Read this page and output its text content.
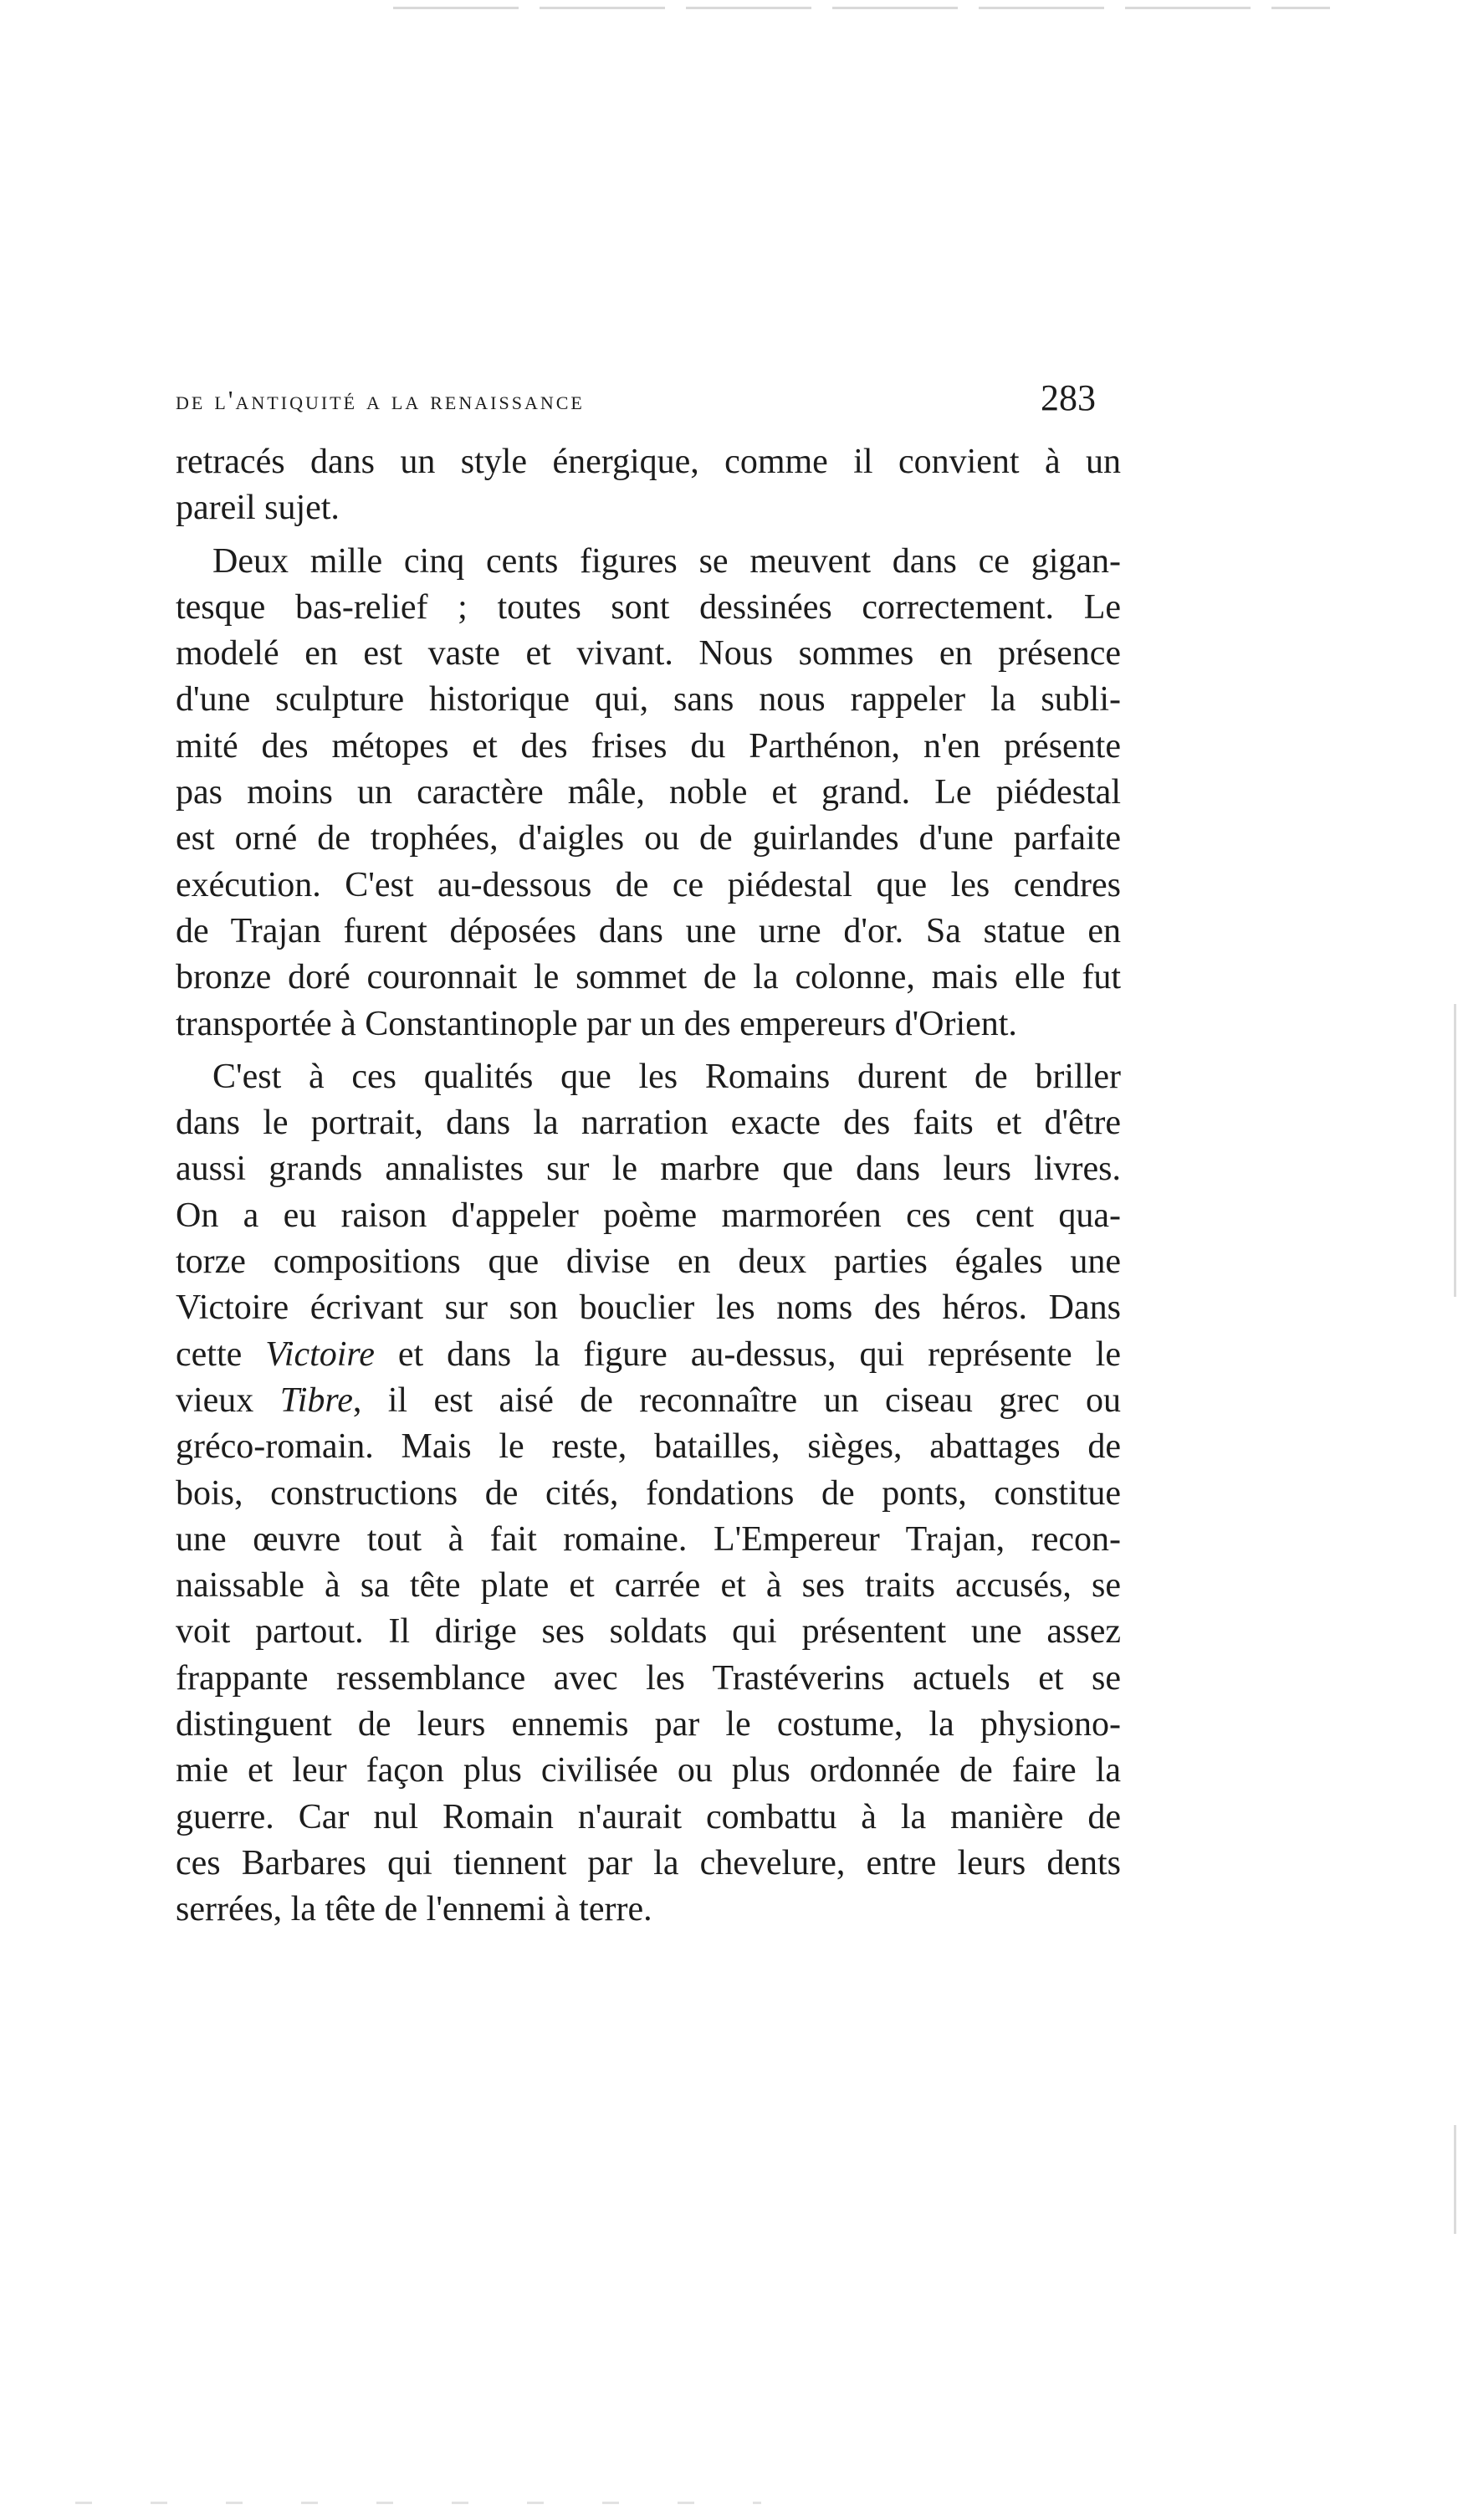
de l'antiquité a la renaissance	283
retracés dans un style énergique, comme il convient à un
pareil sujet.
Deux mille cinq cents figures se meuvent dans ce gigan-
tesque bas-relief ; toutes sont dessinées correctement. Le
modelé en est vaste et vivant. Nous sommes en présence
d'une sculpture historique qui, sans nous rappeler la subli-
mité des métopes et des frises du Parthénon, n'en présente
pas moins un caractère mâle, noble et grand. Le piédestal
est orné de trophées, d'aigles ou de guirlandes d'une parfaite
exécution. C'est au-dessous de ce piédestal que les cendres
de Trajan furent déposées dans une urne d'or. Sa statue en
bronze doré couronnait le sommet de la colonne, mais elle fut
transportée à Constantinople par un des empereurs d'Orient.
C'est à ces qualités que les Romains durent de briller
dans le portrait, dans la narration exacte des faits et d'être
aussi grands annalistes sur le marbre que dans leurs livres.
On a eu raison d'appeler poème marmoréen ces cent qua-
torze compositions que divise en deux parties égales une
Victoire écrivant sur son bouclier les noms des héros. Dans
cette Victoire et dans la figure au-dessus, qui représente le
vieux Tibre, il est aisé de reconnaître un ciseau grec ou
gréco-romain. Mais le reste, batailles, sièges, abattages de
bois, constructions de cités, fondations de ponts, constitue
une œuvre tout à fait romaine. L'Empereur Trajan, recon-
naissable à sa tête plate et carrée et à ses traits accusés, se
voit partout. Il dirige ses soldats qui présentent une assez
frappante ressemblance avec les Trastéverins actuels et se
distinguent de leurs ennemis par le costume, la physiono-
mie et leur façon plus civilisée ou plus ordonnée de faire la
guerre. Car nul Romain n'aurait combattu à la manière de
ces Barbares qui tiennent par la chevelure, entre leurs dents
serrées, la tête de l'ennemi à terre.
